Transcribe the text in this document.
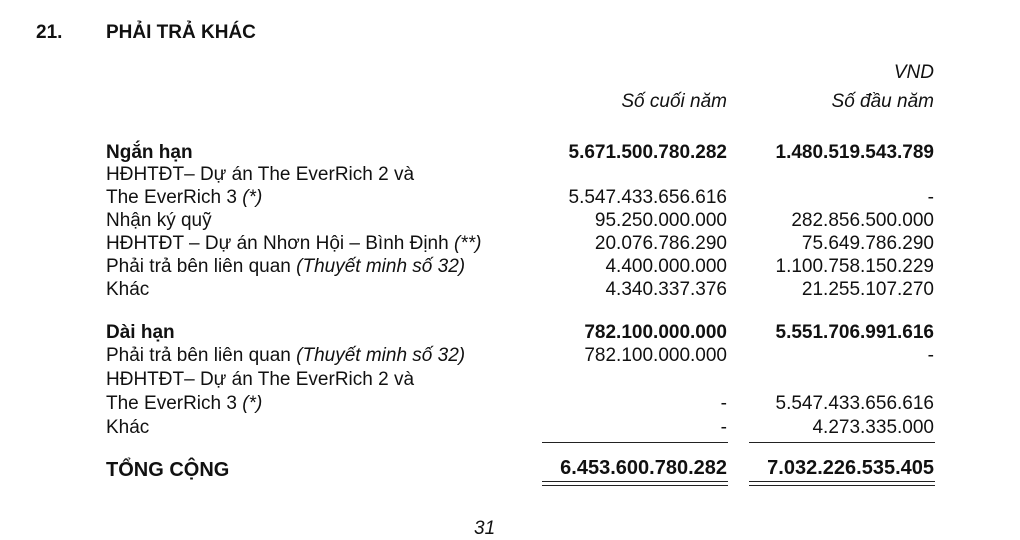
21. PHẢI TRẢ KHÁC
VND
Số cuối năm	Số đầu năm
Ngắn hạn	5.671.500.780.282	1.480.519.543.789
HĐHTĐT– Dự án The EverRich 2 và
The EverRich 3 (*)	5.547.433.656.616	-
Nhận ký quỹ	95.250.000.000	282.856.500.000
HĐHTĐT – Dự án Nhơn Hội – Bình Định (**)	20.076.786.290	75.649.786.290
Phải trả bên liên quan (Thuyết minh số 32)	4.400.000.000	1.100.758.150.229
Khác	4.340.337.376	21.255.107.270
Dài hạn	782.100.000.000	5.551.706.991.616
Phải trả bên liên quan (Thuyết minh số 32)	782.100.000.000	-
HĐHTĐT– Dự án The EverRich 2 và
The EverRich 3 (*)	-	5.547.433.656.616
Khác	-	4.273.335.000
TỔNG CỘNG	6.453.600.780.282 7.032.226.535.405
31
